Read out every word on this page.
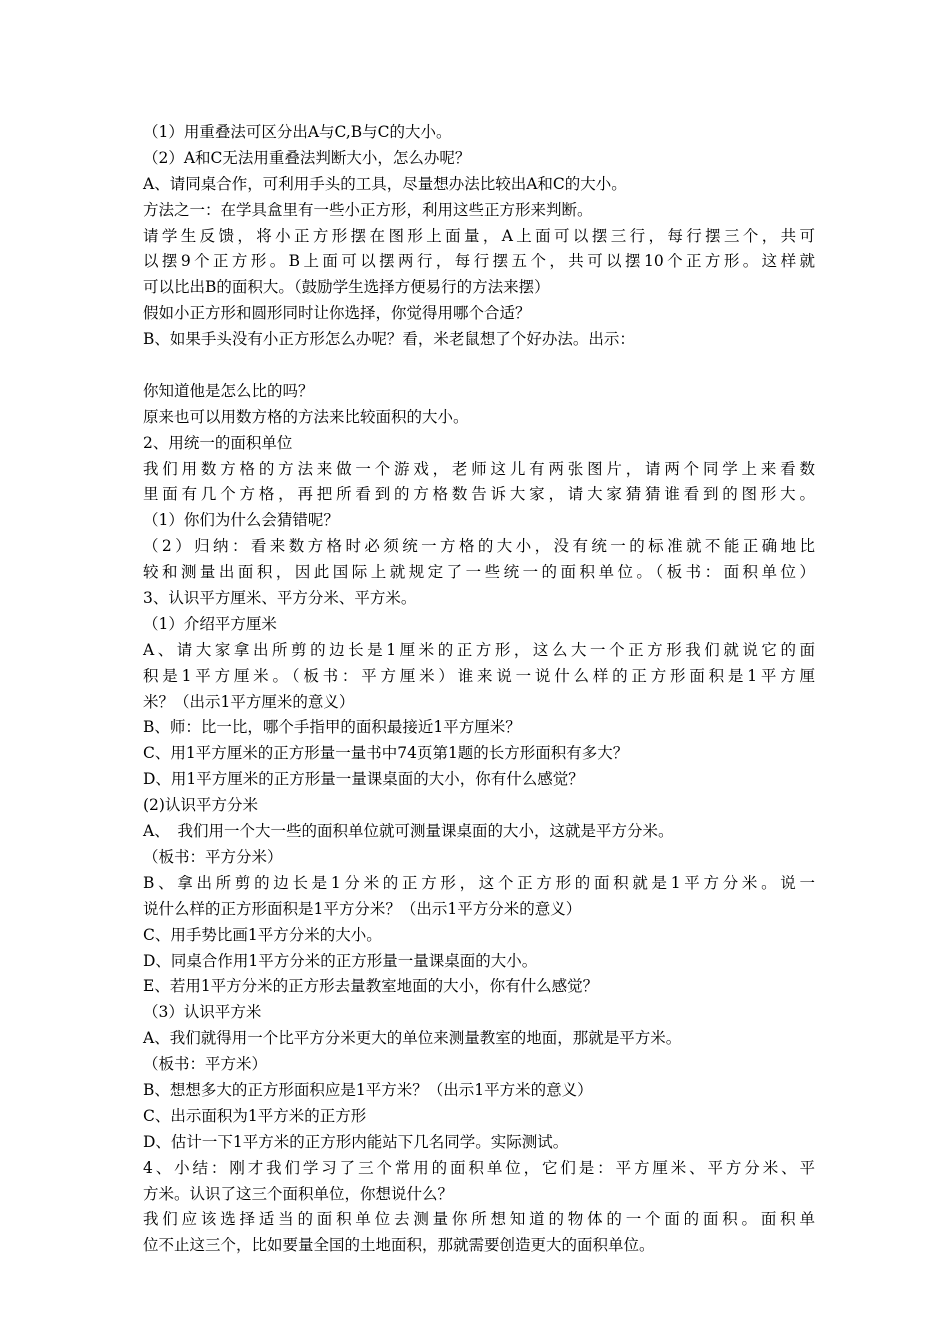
（1）用重叠法可区分出A与C,B与C的大小。
（2）A和C无法用重叠法判断大小，怎么办呢？
A、请同桌合作，可利用手头的工具，尽量想办法比较出A和C的大小。
方法之一：在学具盒里有一些小正方形，利用这些正方形来判断。
请学生反馈，将小正方形摆在图形上面量，A上面可以摆三行，每行摆三个，共可
以摆9个正方形。B上面可以摆两行，每行摆五个，共可以摆10个正方形。这样就
可以比出B的面积大。（鼓励学生选择方便易行的方法来摆）
假如小正方形和圆形同时让你选择，你觉得用哪个合适？
B、如果手头没有小正方形怎么办呢？看，米老鼠想了个好办法。出示：
你知道他是怎么比的吗？
原来也可以用数方格的方法来比较面积的大小。
2、用统一的面积单位
我们用数方格的方法来做一个游戏，老师这儿有两张图片，请两个同学上来看数
里面有几个方格，再把所看到的方格数告诉大家，请大家猜猜谁看到的图形大。
（1）你们为什么会猜错呢？
（2）归纳：看来数方格时必须统一方格的大小，没有统一的标准就不能正确地比
较和测量出面积，因此国际上就规定了一些统一的面积单位。（板书：面积单位）
3、认识平方厘米、平方分米、平方米。
（1）介绍平方厘米
A、请大家拿出所剪的边长是1厘米的正方形，这么大一个正方形我们就说它的面
积是1平方厘米。（板书：平方厘米）谁来说一说什么样的正方形面积是1平方厘
米？（出示1平方厘米的意义）
B、师：比一比，哪个手指甲的面积最接近1平方厘米？
C、用1平方厘米的正方形量一量书中74页第1题的长方形面积有多大？
D、用1平方厘米的正方形量一量课桌面的大小，你有什么感觉？
(2)认识平方分米
A、　我们用一个大一些的面积单位就可测量课桌面的大小，这就是平方分米。
（板书：平方分米）
B、拿出所剪的边长是1分米的正方形，这个正方形的面积就是1平方分米。说一
说什么样的正方形面积是1平方分米？（出示1平方分米的意义）
C、用手势比画1平方分米的大小。
D、同桌合作用1平方分米的正方形量一量课桌面的大小。
E、若用1平方分米的正方形去量教室地面的大小，你有什么感觉？
（3）认识平方米
A、我们就得用一个比平方分米更大的单位来测量教室的地面，那就是平方米。
（板书：平方米）
B、想想多大的正方形面积应是1平方米？（出示1平方米的意义）
C、出示面积为1平方米的正方形
D、估计一下1平方米的正方形内能站下几名同学。实际测试。
4、小结：刚才我们学习了三个常用的面积单位，它们是：平方厘米、平方分米、平
方米。认识了这三个面积单位，你想说什么？
我们应该选择适当的面积单位去测量你所想知道的物体的一个面的面积。面积单
位不止这三个，比如要量全国的土地面积，那就需要创造更大的面积单位。
